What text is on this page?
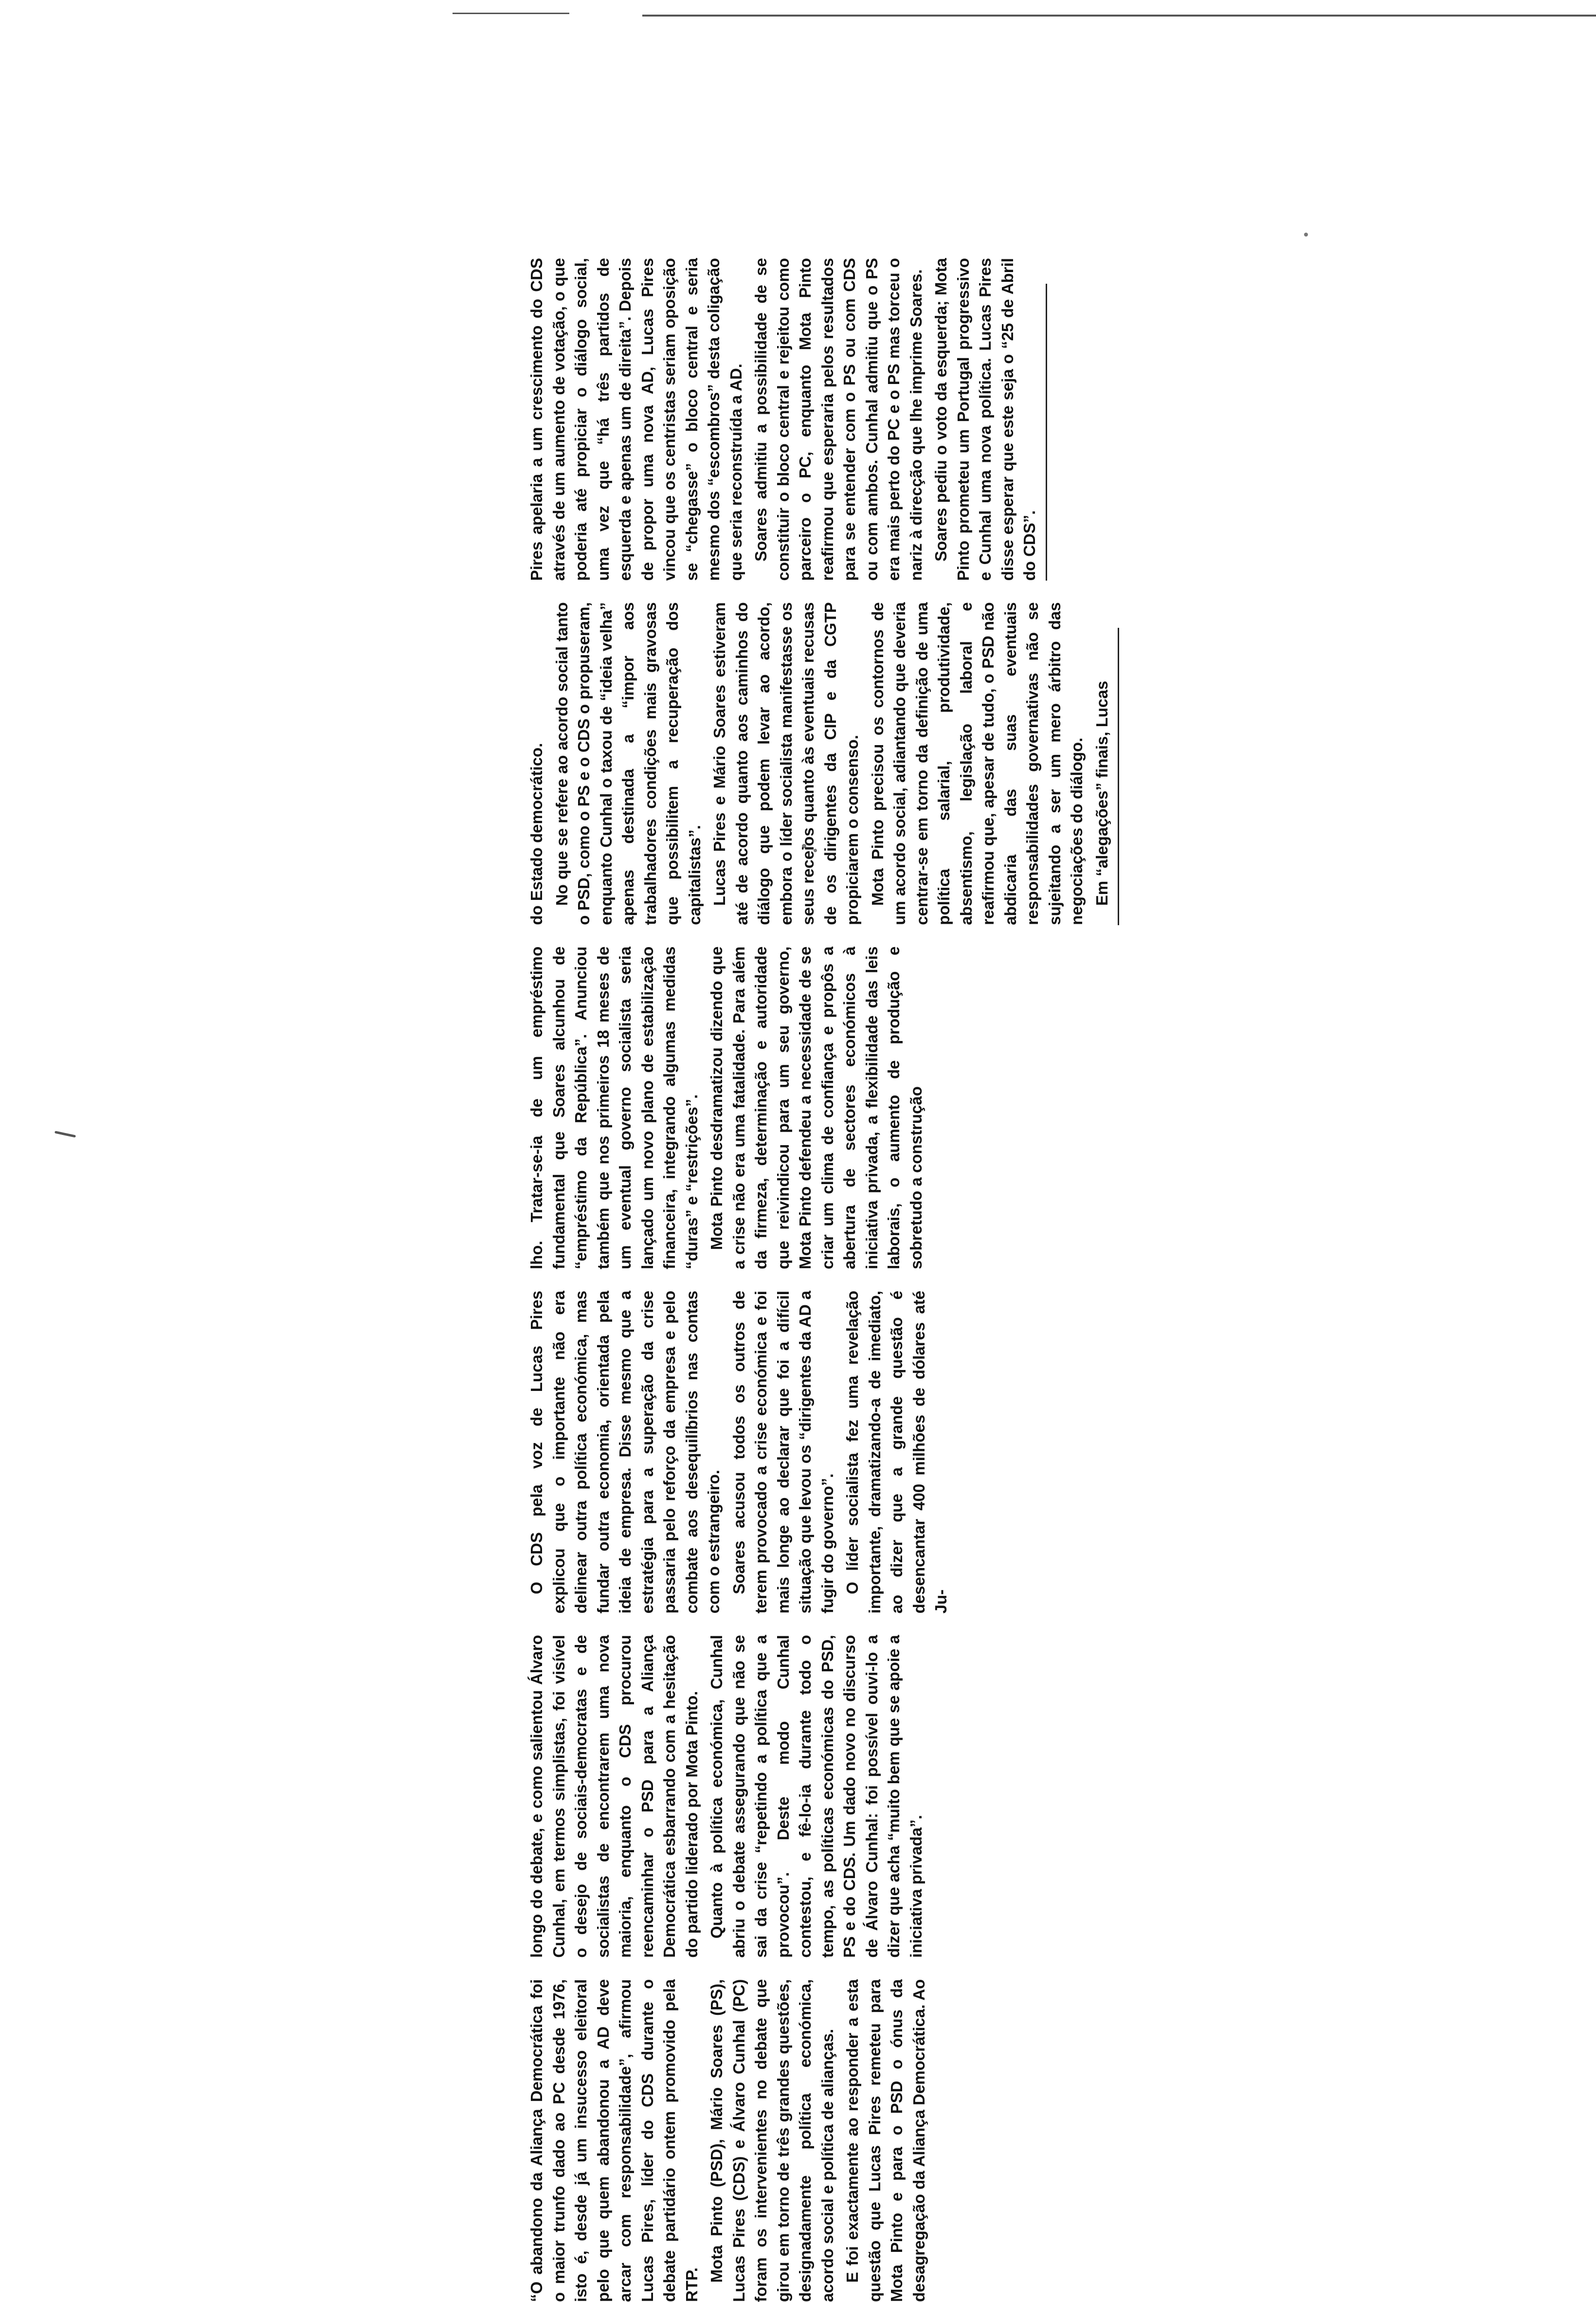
“O abandono da Aliança Democrática foi o maior trunfo dado ao PC desde 1976, isto é, desde já um insucesso eleitoral pelo que quem abandonou a AD deve arcar com responsabilidade”, afirmou Lucas Pires, líder do CDS durante o debate partidário ontem promovido pela RTP.

Mota Pinto (PSD), Mário Soares (PS), Lucas Pires (CDS) e Álvaro Cunhal (PC) foram os intervenientes no debate que girou em torno de três grandes questões, designadamente política económica, acordo social e política de alianças. E foi exactamente ao responder a esta questão que Lucas Pires remeteu para Mota Pinto e para o PSD o ónus da desagregação da Aliança Democrática. Ao

longo do debate, e como salientou Álvaro Cunhal, em termos simplistas, foi visível o desejo de sociais-democratas e de socialistas de encontrarem uma nova maioria, enquanto o CDS procurou reencaminhar o PSD para a Aliança Democrática esbarrando com a hesitação do partido liderado por Mota Pinto. Quanto à política económica, Cunhal abriu o debate assegurando que não se sai da crise “repetindo a política que a provocou”. Deste modo Cunhal contestou, e fê-lo-ia durante todo o tempo, as políticas económicas do PSD, PS e do CDS. Um dado novo no discurso de Álvaro Cunhal: foi possível ouvi-lo a dizer que acha “muito bem que se apoie a iniciativa privada”.

O CDS pela voz de Lucas Pires explicou que o importante não era delinear outra política económica, mas fundar outra economia, orientada pela ideia de empresa. Disse mesmo que a estratégia para a superação da crise passaria pelo reforço da empresa e pelo combate aos desequilíbrios nas contas com o estrangeiro. Soares acusou todos os outros de terem provocado a crise económica e foi mais longe ao declarar que foi a difícil situação que levou os “dirigentes da AD a fugir do governo”. O líder socialista fez uma revelação importante, dramatizando-a de imediato, ao dizer que a grande questão é desencantar 400 milhões de dólares até Ju-

lho. Tratar-se-ia de um empréstimo fundamental que Soares alcunhou de “empréstimo da República”. Anunciou também que nos primeiros 18 meses de um eventual governo socialista seria lançado um novo plano de estabilização financeira, integrando algumas medidas “duras” e “restrições”. Mota Pinto desdramatizou dizendo que a crise não era uma fatalidade. Para além da firmeza, determinação e autoridade que reivindicou para um seu governo, Mota Pinto defendeu a necessidade de se criar um clima de confiança e propôs a abertura de sectores económicos à iniciativa privada, a flexibilidade das leis laborais, o aumento de produção e sobretudo a construção

do Estado democrático. No que se refere ao acordo social tanto o PSD, como o PS e o CDS o propuseram, enquanto Cunhal o taxou de “ideia velha” apenas destinada a “impor aos trabalhadores condições mais gravosas que possibilitem a recuperação dos capitalistas”. Lucas Pires e Mário Soares estiveram até de acordo quanto aos caminhos do diálogo que podem levar ao acordo, embora o líder socialista manifestasse os seus receios quanto às eventuais recusas de os dirigentes da CIP e da CGTP propiciarem o consenso. Mota Pinto precisou os contornos de um acordo social, adiantando que deveria centrar-se em torno da definição de uma política salarial, produtividade, absentismo, legislação laboral e reafirmou que, apesar de tudo, o PSD não abdicaria das suas eventuais responsabilidades governativas não se sujeitando a ser um mero árbitro das negociações do diálogo. Em “alegações” finais, Lucas

Pires apelaria a um crescimento do CDS através de um aumento de votação, o que poderia até propiciar o diálogo social, uma vez que “há três partidos de esquerda e apenas um de direita”. Depois de propor uma nova AD, Lucas Pires vincou que os centristas seriam oposição se “chegasse” o bloco central e seria mesmo dos “escombros” desta coligação que seria reconstruída a AD. Soares admitiu a possibilidade de se constituir o bloco central e rejeitou como parceiro o PC, enquanto Mota Pinto reafirmou que esperaria pelos resultados para se entender com o PS ou com CDS ou com ambos. Cunhal admitiu que o PS era mais perto do PC e o PS mas torceu o nariz à direcção que lhe imprime Soares. Soares pediu o voto da esquerda; Mota Pinto prometeu um Portugal progressivo e Cunhal uma nova política. Lucas Pires disse esperar que este seja o “25 de Abril do CDS”.
